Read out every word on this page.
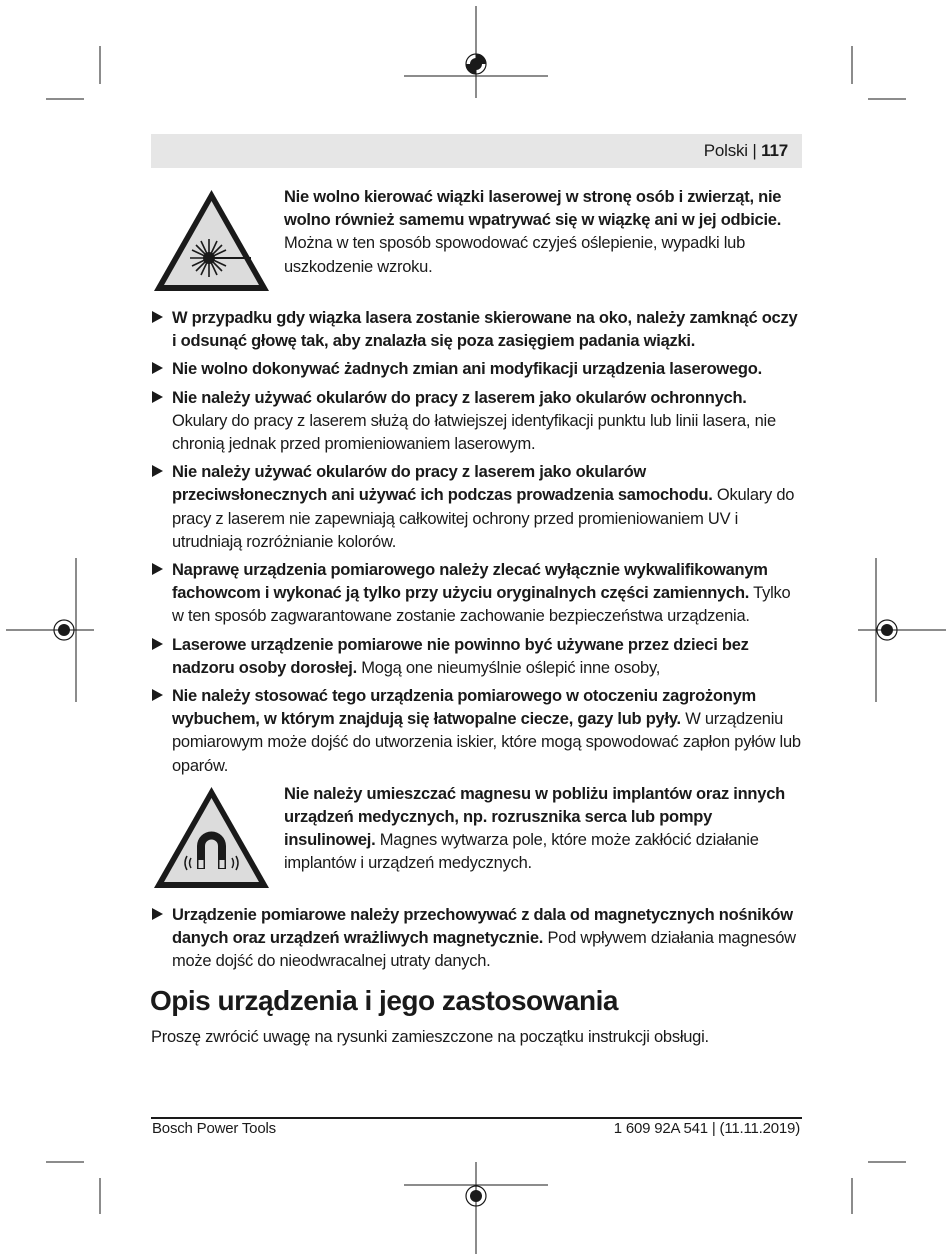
Polski | 117
Nie wolno kierować wiązki laserowej w stronę osób i zwierząt, nie wolno również samemu wpatrywać się w wiązkę ani w jej odbicie. Można w ten sposób spowodować czyjeś oślepienie, wypadki lub uszkodzenie wzroku.
W przypadku gdy wiązka lasera zostanie skierowane na oko, należy zamknąć oczy i odsunąć głowę tak, aby znalazła się poza zasięgiem padania wiązki.
Nie wolno dokonywać żadnych zmian ani modyfikacji urządzenia laserowego.
Nie należy używać okularów do pracy z laserem jako okularów ochronnych. Okulary do pracy z laserem służą do łatwiejszej identyfikacji punktu lub linii lasera, nie chronią jednak przed promieniowaniem laserowym.
Nie należy używać okularów do pracy z laserem jako okularów przeciwsłonecznych ani używać ich podczas prowadzenia samochodu. Okulary do pracy z laserem nie zapewniają całkowitej ochrony przed promieniowaniem UV i utrudniają rozróżnianie kolorów.
Naprawę urządzenia pomiarowego należy zlecać wyłącznie wykwalifikowanym fachowcom i wykonać ją tylko przy użyciu oryginalnych części zamiennych. Tylko w ten sposób zagwarantowane zostanie zachowanie bezpieczeństwa urządzenia.
Laserowe urządzenie pomiarowe nie powinno być używane przez dzieci bez nadzoru osoby dorosłej. Mogą one nieumyślnie oślepić inne osoby,
Nie należy stosować tego urządzenia pomiarowego w otoczeniu zagrożonym wybuchem, w którym znajdują się łatwopalne ciecze, gazy lub pyły. W urządzeniu pomiarowym może dojść do utworzenia iskier, które mogą spowodować zapłon pyłów lub oparów.
Nie należy umieszczać magnesu w pobliżu implantów oraz innych urządzeń medycznych, np. rozrusznika serca lub pompy insulinowej. Magnes wytwarza pole, które może zakłócić działanie implantów i urządzeń medycznych.
Urządzenie pomiarowe należy przechowywać z dala od magnetycznych nośników danych oraz urządzeń wrażliwych magnetycznie. Pod wpływem działania magnesów może dojść do nieodwracalnej utraty danych.
Opis urządzenia i jego zastosowania
Proszę zwrócić uwagę na rysunki zamieszczone na początku instrukcji obsługi.
Bosch Power Tools	1 609 92A 541 | (11.11.2019)
